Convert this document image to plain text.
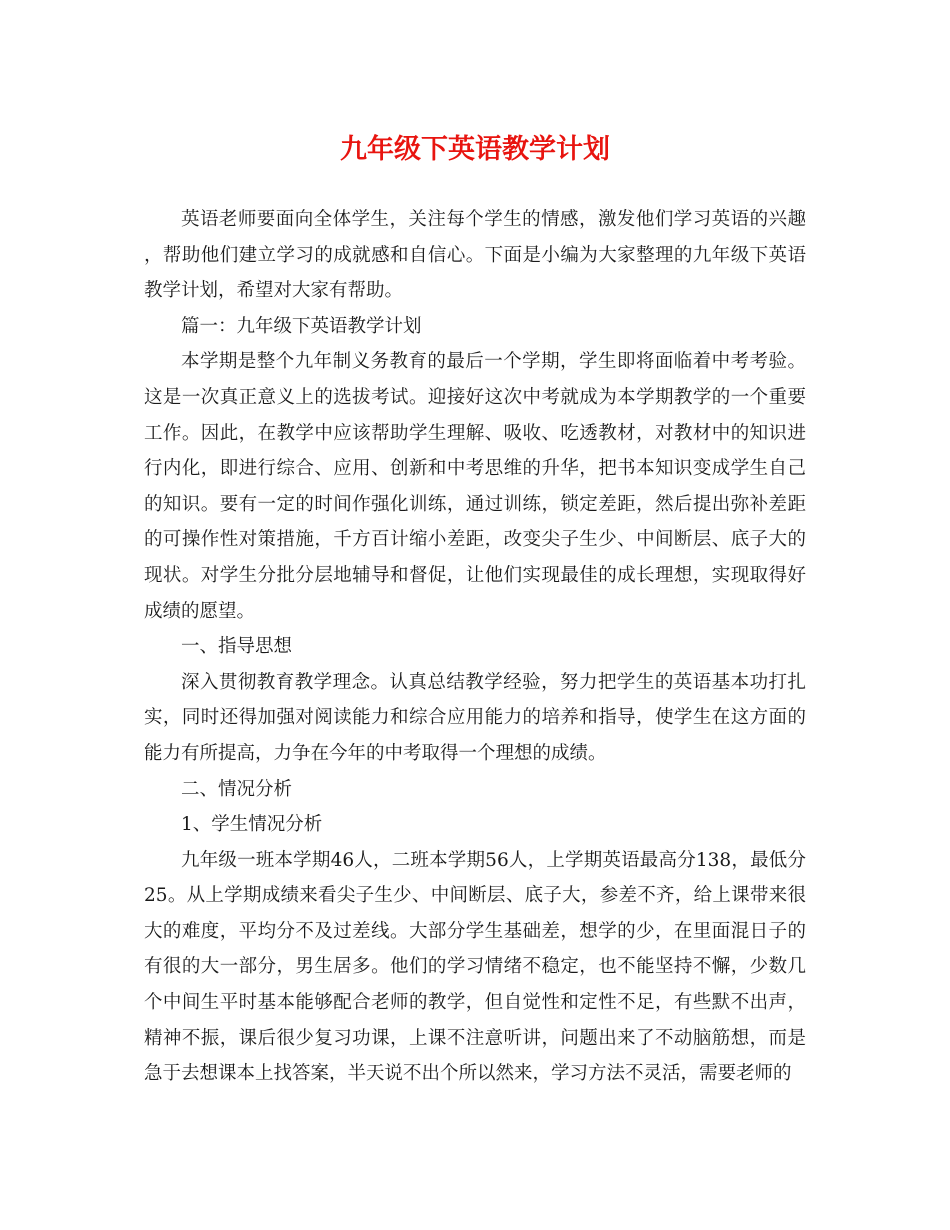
九年级下英语教学计划

英语老师要面向全体学生，关注每个学生的情感，激发他们学习英语的兴趣，帮助他们建立学习的成就感和自信心。下面是小编为大家整理的九年级下英语教学计划，希望对大家有帮助。

篇一：九年级下英语教学计划

本学期是整个九年制义务教育的最后一个学期，学生即将面临着中考考验。这是一次真正意义上的选拔考试。迎接好这次中考就成为本学期教学的一个重要工作。因此，在教学中应该帮助学生理解、吸收、吃透教材，对教材中的知识进行内化，即进行综合、应用、创新和中考思维的升华，把书本知识变成学生自己的知识。要有一定的时间作强化训练，通过训练，锁定差距，然后提出弥补差距的可操作性对策措施，千方百计缩小差距，改变尖子生少、中间断层、底子大的现状。对学生分批分层地辅导和督促，让他们实现最佳的成长理想，实现取得好成绩的愿望。

一、指导思想

深入贯彻教育教学理念。认真总结教学经验，努力把学生的英语基本功打扎实，同时还得加强对阅读能力和综合应用能力的培养和指导，使学生在这方面的能力有所提高，力争在今年的中考取得一个理想的成绩。

二、情况分析

1、学生情况分析

九年级一班本学期46人，二班本学期56人，上学期英语最高分138，最低分25。从上学期成绩来看尖子生少、中间断层、底子大，参差不齐，给上课带来很大的难度，平均分不及过差线。大部分学生基础差，想学的少，在里面混日子的有很的大一部分，男生居多。他们的学习情绪不稳定，也不能坚持不懈，少数几个中间生平时基本能够配合老师的教学，但自觉性和定性不足，有些默不出声，精神不振，课后很少复习功课，上课不注意听讲，问题出来了不动脑筋想，而是急于去想课本上找答案，半天说不出个所以然来，学习方法不灵活，需要老师的
